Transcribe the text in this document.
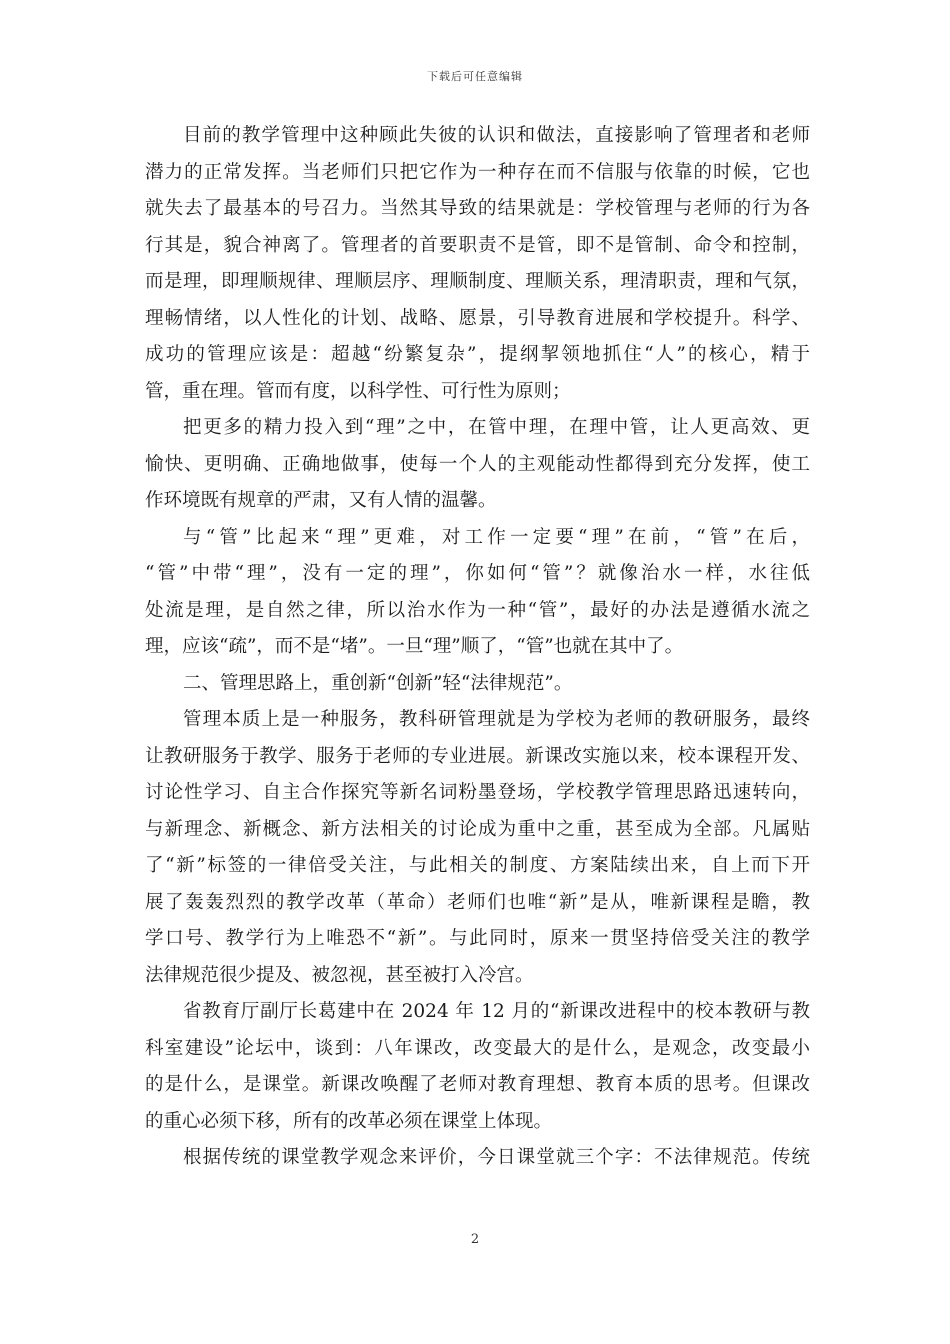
下载后可任意编辑
目前的教学管理中这种顾此失彼的认识和做法，直接影响了管理者和老师
潜力的正常发挥。当老师们只把它作为一种存在而不信服与依靠的时候，它也
就失去了最基本的号召力。当然其导致的结果就是：学校管理与老师的行为各
行其是，貌合神离了。管理者的首要职责不是管，即不是管制、命令和控制，
而是理，即理顺规律、理顺层序、理顺制度、理顺关系，理清职责，理和气氛，
理畅情绪，以人性化的计划、战略、愿景，引导教育进展和学校提升。科学、
成功的管理应该是：超越“纷繁复杂”，提纲挈领地抓住“人”的核心，精于
管，重在理。管而有度，以科学性、可行性为原则；
把更多的精力投入到“理”之中，在管中理，在理中管，让人更高效、更
愉快、更明确、正确地做事，使每一个人的主观能动性都得到充分发挥，使工
作环境既有规章的严肃，又有人情的温馨。
与“管”比起来“理”更难，对工作一定要“理”在前，“管”在后，
“管”中带“理”，没有一定的理”，你如何“管”？就像治水一样，水往低
处流是理，是自然之律，所以治水作为一种“管”，最好的办法是遵循水流之
理，应该“疏”，而不是“堵”。一旦“理”顺了，“管”也就在其中了。
二、管理思路上，重创新“创新”轻“法律规范”。
管理本质上是一种服务，教科研管理就是为学校为老师的教研服务，最终
让教研服务于教学、服务于老师的专业进展。新课改实施以来，校本课程开发、
讨论性学习、自主合作探究等新名词粉墨登场，学校教学管理思路迅速转向，
与新理念、新概念、新方法相关的讨论成为重中之重，甚至成为全部。凡属贴
了“新”标签的一律倍受关注，与此相关的制度、方案陆续出来，自上而下开
展了轰轰烈烈的教学改革（革命）老师们也唯“新”是从，唯新课程是瞻，教
学口号、教学行为上唯恐不“新”。与此同时，原来一贯坚持倍受关注的教学
法律规范很少提及、被忽视，甚至被打入冷宫。
省教育厅副厅长葛建中在 2024 年 12 月的“新课改进程中的校本教研与教
科室建设”论坛中，谈到：八年课改，改变最大的是什么，是观念，改变最小
的是什么，是课堂。新课改唤醒了老师对教育理想、教育本质的思考。但课改
的重心必须下移，所有的改革必须在课堂上体现。
根据传统的课堂教学观念来评价，今日课堂就三个字：不法律规范。传统
2
